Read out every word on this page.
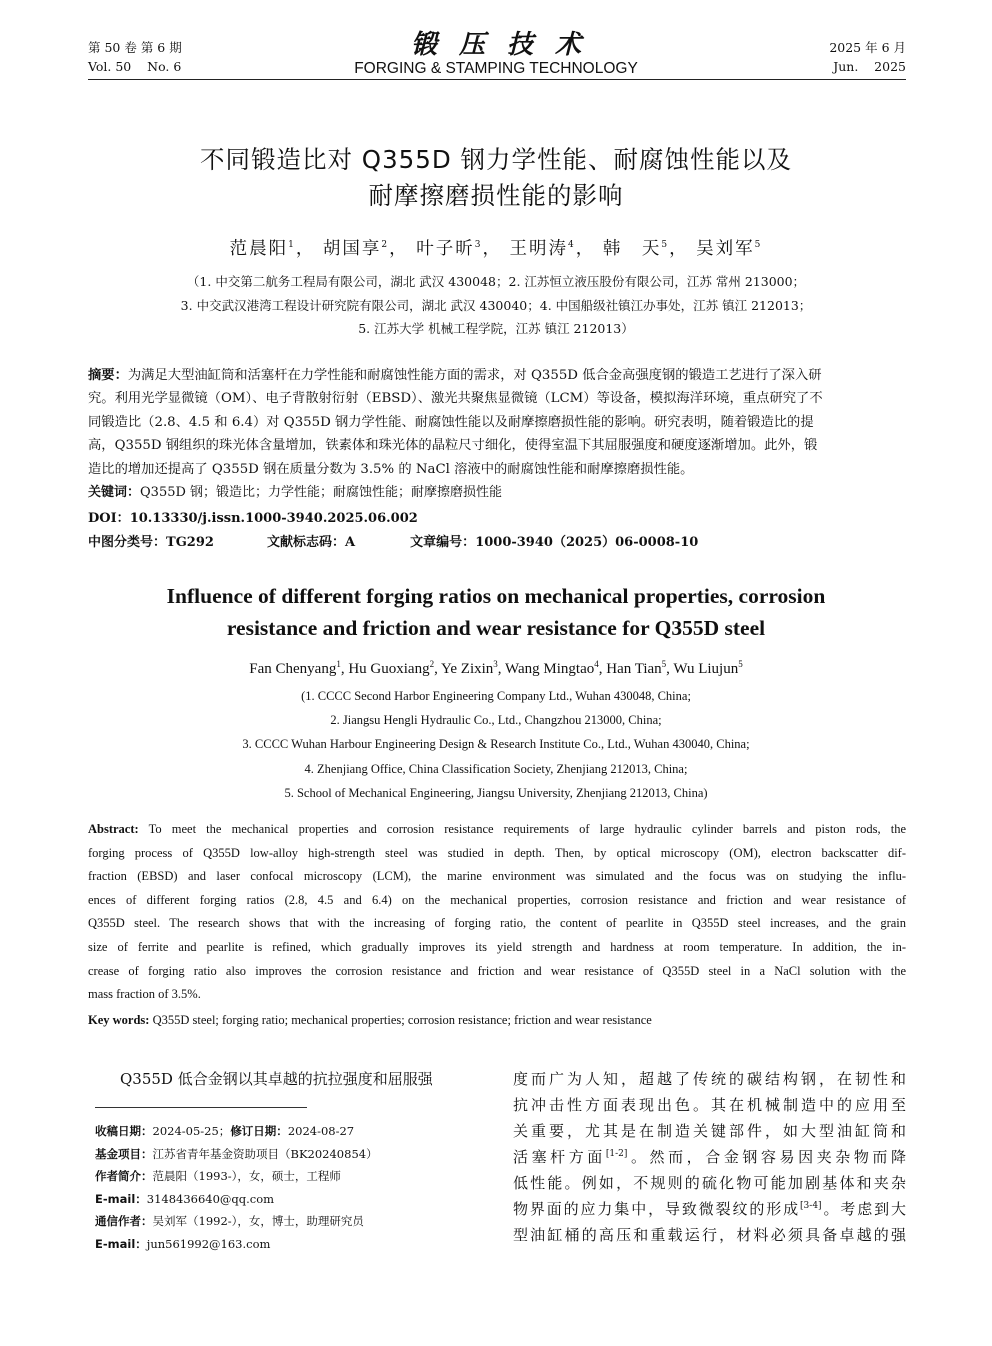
第 50 卷 第 6 期
Vol. 50    No. 6
锻压技术
FORGING & STAMPING TECHNOLOGY
2025 年 6 月
Jun.    2025
不同锻造比对 Q355D 钢力学性能、耐腐蚀性能以及
耐摩擦磨损性能的影响
范晨阳$^1$， 胡国享$^2$， 叶子昕$^3$， 王明涛$^4$， 韩　天$^5$， 吴刘军$^5$
（1. 中交第二航务工程局有限公司，湖北 武汉 430048；2. 江苏恒立液压股份有限公司，江苏 常州 213000；
3. 中交武汉港湾工程设计研究院有限公司，湖北 武汉 430040；4. 中国船级社镇江办事处，江苏 镇江 212013；
5. 江苏大学 机械工程学院，江苏 镇江 212013）
摘要：为满足大型油缸筒和活塞杆在力学性能和耐腐蚀性能方面的需求，对 Q355D 低合金高强度钢的锻造工艺进行了深入研
究。利用光学显微镜（OM）、电子背散射衍射（EBSD）、激光共聚焦显微镜（LCM）等设备，模拟海洋环境，重点研究了不
同锻造比（2.8、4.5 和 6.4）对 Q355D 钢力学性能、耐腐蚀性能以及耐摩擦磨损性能的影响。研究表明，随着锻造比的提
高，Q355D 钢组织的珠光体含量增加，铁素体和珠光体的晶粒尺寸细化，使得室温下其屈服强度和硬度逐渐增加。此外，锻
造比的增加还提高了 Q355D 钢在质量分数为 3.5% 的 NaCl 溶液中的耐腐蚀性能和耐摩擦磨损性能。
关键词：Q355D 钢；锻造比；力学性能；耐腐蚀性能；耐摩擦磨损性能
DOI：10.13330/j.issn.1000-3940.2025.06.002
中图分类号：TG292	文献标志码：A	文章编号：1000-3940（2025）06-0008-10
Influence of different forging ratios on mechanical properties, corrosion
resistance and friction and wear resistance for Q355D steel
Fan Chenyang$^1$, Hu Guoxiang$^2$, Ye Zixin$^3$, Wang Mingtao$^4$, Han Tian$^5$, Wu Liujun$^5$
(1. CCCC Second Harbor Engineering Company Ltd., Wuhan 430048, China;
2. Jiangsu Hengli Hydraulic Co., Ltd., Changzhou 213000, China;
3. CCCC Wuhan Harbour Engineering Design & Research Institute Co., Ltd., Wuhan 430040, China;
4. Zhenjiang Office, China Classification Society, Zhenjiang 212013, China;
5. School of Mechanical Engineering, Jiangsu University, Zhenjiang 212013, China)
Abstract: To meet the mechanical properties and corrosion resistance requirements of large hydraulic cylinder barrels and piston rods, the
forging process of Q355D low-alloy high-strength steel was studied in depth. Then, by optical microscopy (OM), electron backscatter dif-
fraction (EBSD) and laser confocal microscopy (LCM), the marine environment was simulated and the focus was on studying the influ-
ences of different forging ratios (2.8, 4.5 and 6.4) on the mechanical properties, corrosion resistance and friction and wear resistance of
Q355D steel. The research shows that with the increasing of forging ratio, the content of pearlite in Q355D steel increases, and the grain
size of ferrite and pearlite is refined, which gradually improves its yield strength and hardness at room temperature. In addition, the in-
crease of forging ratio also improves the corrosion resistance and friction and wear resistance of Q355D steel in a NaCl solution with the
mass fraction of 3.5%.
Key words: Q355D steel; forging ratio; mechanical properties; corrosion resistance; friction and wear resistance
Q355D 低合金钢以其卓越的抗拉强度和屈服强
收稿日期：2024-05-25；修订日期：2024-08-27
基金项目：江苏省青年基金资助项目（BK20240854）
作者简介：范晨阳（1993-），女，硕士，工程师
E-mail：3148436640@qq.com
通信作者：吴刘军（1992-），女，博士，助理研究员
E-mail：jun561992@163.com
度而广为人知，超越了传统的碳结构钢，在韧性和
抗冲击性方面表现出色。其在机械制造中的应用至
关重要，尤其是在制造关键部件，如大型油缸筒和
活塞杆方面[1-2]。然而，合金钢容易因夹杂物而降
低性能。例如，不规则的硫化物可能加剧基体和夹杂
物界面的应力集中，导致微裂纹的形成[3-4]。考虑到大
型油缸桶的高压和重载运行，材料必须具备卓越的强
